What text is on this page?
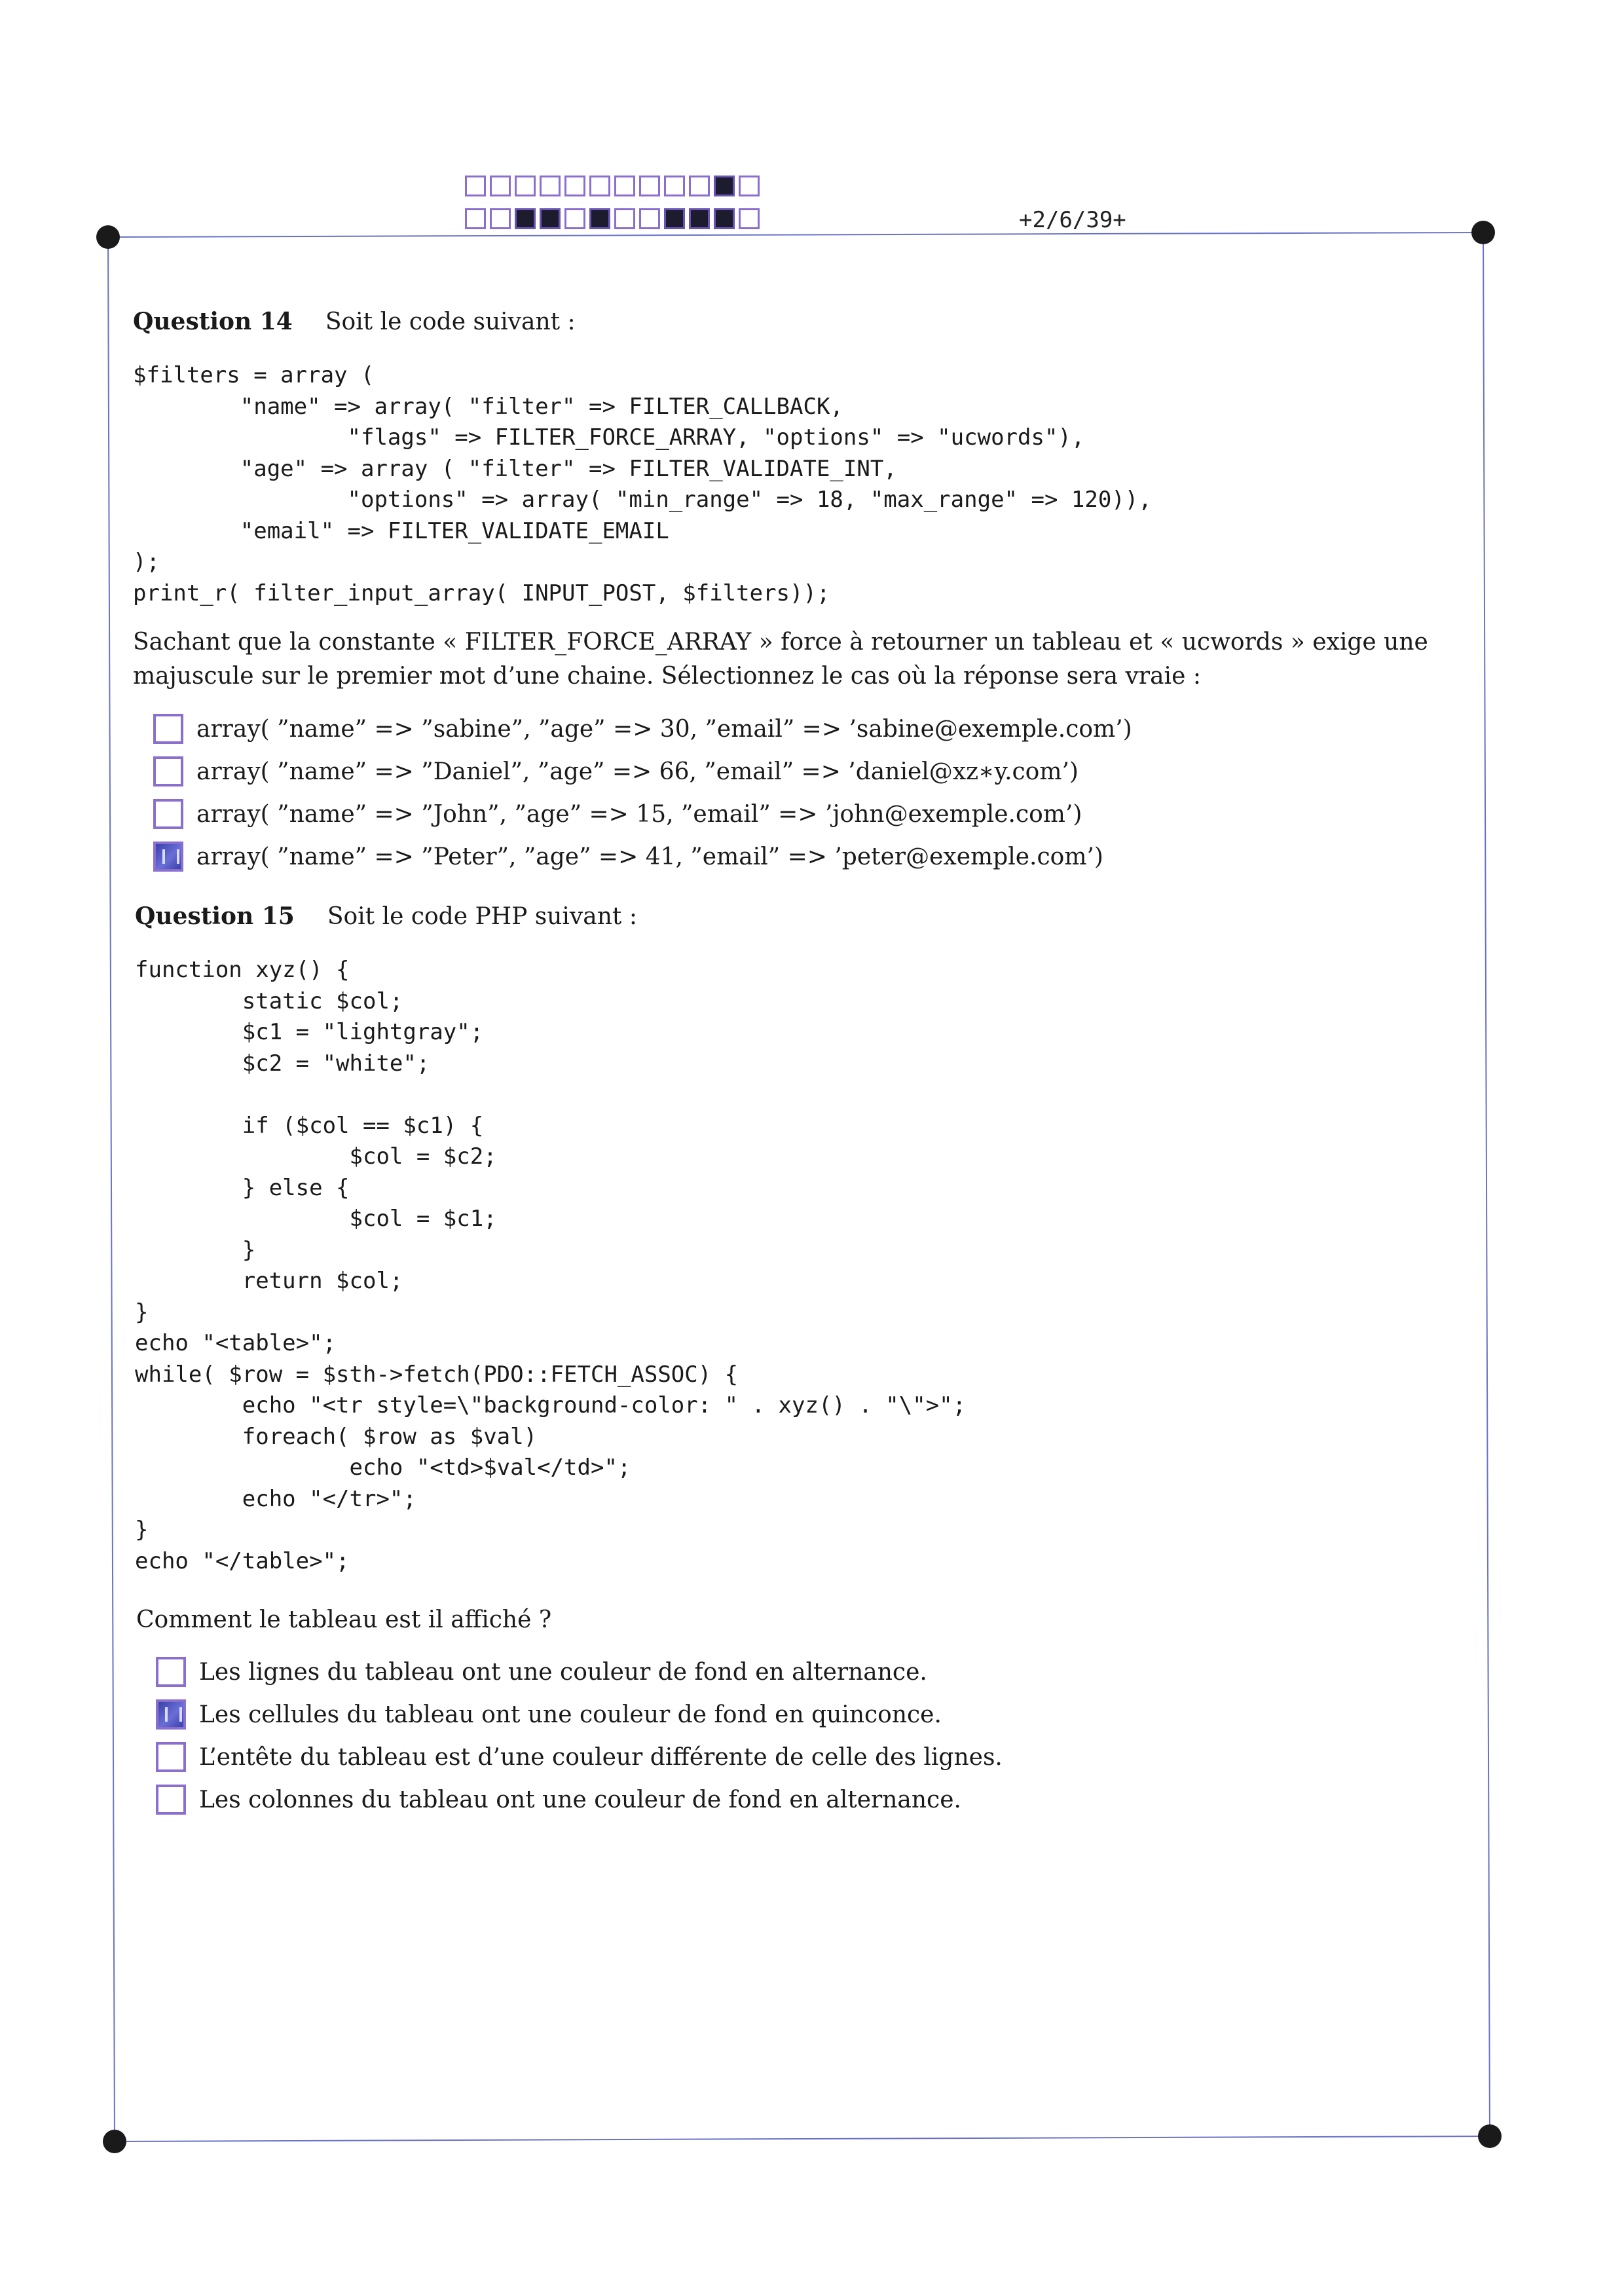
+2/6/39+
Question 14 Soit le code suivant :
$filters = array (
"name" => array( "filter" => FILTER_CALLBACK,
"flags" => FILTER_FORCE_ARRAY, "options" => "ucwords"),
"age" => array ( "filter" => FILTER_VALIDATE_INT,
"options" => array( "min_range" => 18, "max_range" => 120)),
"email" => FILTER_VALIDATE_EMAIL
);
print_r( filter_input_array( INPUT_POST, $filters));
Sachant que la constante « FILTER_FORCE_ARRAY » force à retourner un tableau et « ucwords » exige une majuscule sur le premier mot d’une chaine. Sélectionnez le cas où la réponse sera vraie :
array( ”name” => ”sabine”, ”age” => 30, ”email” => ’sabine@exemple.com’)
array( ”name” => ”Daniel”, ”age” => 66, ”email” => ’daniel@xz∗y.com’)
array( ”name” => ”John”, ”age” => 15, ”email” => ’john@exemple.com’)
array( ”name” => ”Peter”, ”age” => 41, ”email” => ’peter@exemple.com’)
Question 15 Soit le code PHP suivant :
function xyz() {
static $col;
$c1 = "lightgray";
$c2 = "white";

if ($col == $c1) {
$col = $c2;
} else {
$col = $c1;
}
return $col;
}
echo "<table>";
while( $row = $sth->fetch(PDO::FETCH_ASSOC) {
echo "<tr style=\"background-color: " . xyz() . "\">";
foreach( $row as $val)
echo "<td>$val</td>";
echo "</tr>";
}
echo "</table>";
Comment le tableau est il affiché ?
Les lignes du tableau ont une couleur de fond en alternance.
Les cellules du tableau ont une couleur de fond en quinconce.
L’entête du tableau est d’une couleur différente de celle des lignes.
Les colonnes du tableau ont une couleur de fond en alternance.
